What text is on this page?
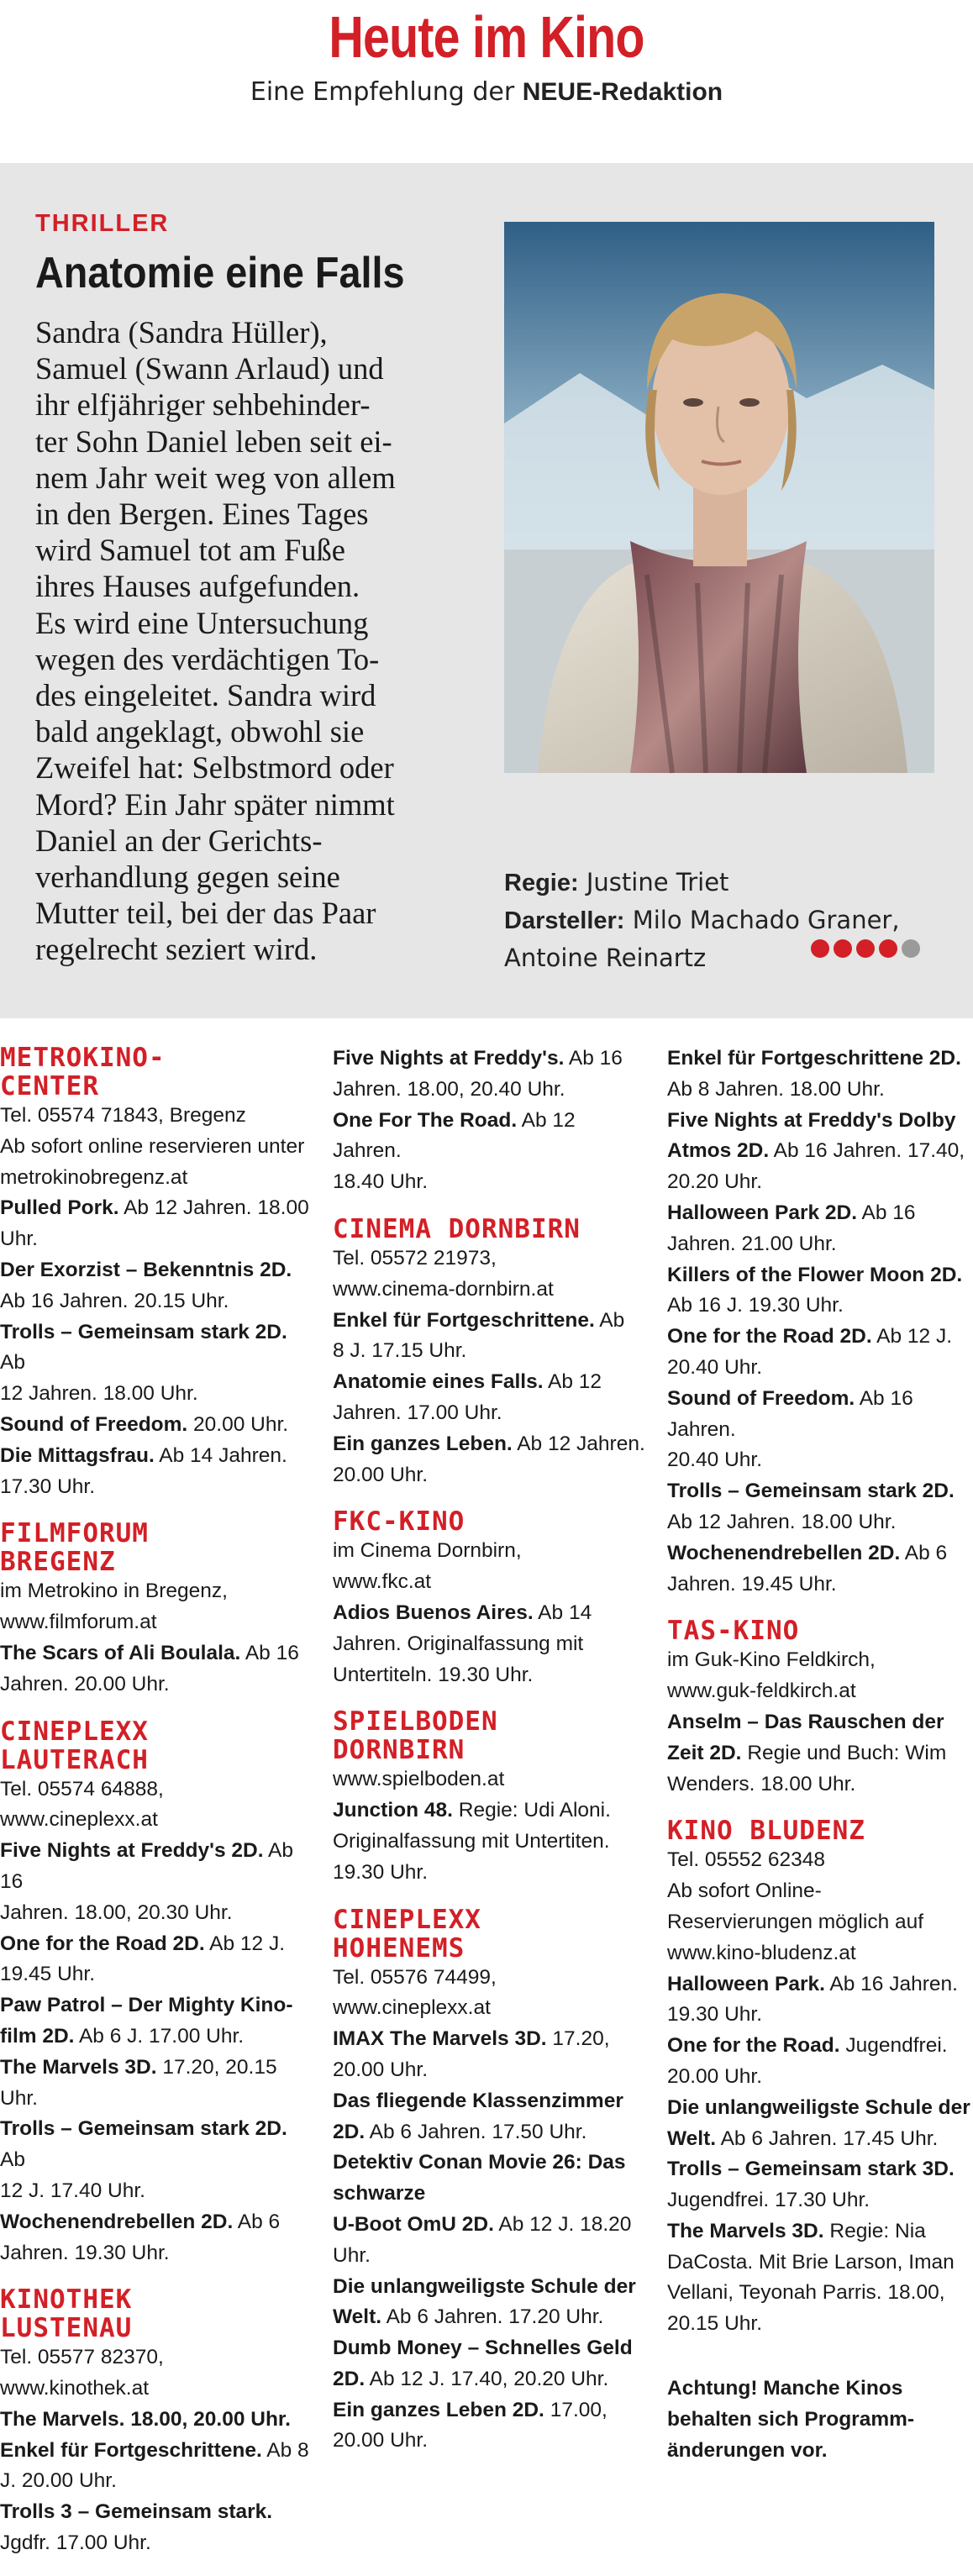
Heute im Kino
Eine Empfehlung der NEUE-Redaktion
THRILLER
Anatomie eine Falls
Sandra (Sandra Hüller),
Samuel (Swann Arlaud) und
ihr elfjähriger sehbehinder-
ter Sohn Daniel leben seit ei-
nem Jahr weit weg von allem
in den Bergen. Eines Tages
wird Samuel tot am Fuße
ihres Hauses aufgefunden.
Es wird eine Untersuchung
wegen des verdächtigen To-
des eingeleitet. Sandra wird
bald angeklagt, obwohl sie
Zweifel hat: Selbstmord oder
Mord? Ein Jahr später nimmt
Daniel an der Gerichts-
verhandlung gegen seine
Mutter teil, bei der das Paar
regelrecht seziert wird.
Regie: Justine Triet
Darsteller: Milo Machado Graner,
Antoine Reinartz
METROKINO-
CENTER
Tel. 05574 71843, Bregenz
Ab sofort online reservieren unter
metrokinobregenz.at
Pulled Pork. Ab 12 Jahren. 18.00
Uhr.
Der Exorzist – Bekenntnis 2D.
Ab 16 Jahren. 20.15 Uhr.
Trolls – Gemeinsam stark 2D. Ab
12 Jahren. 18.00 Uhr.
Sound of Freedom. 20.00 Uhr.
Die Mittagsfrau. Ab 14 Jahren.
17.30 Uhr.
FILMFORUM
BREGENZ
im Metrokino in Bregenz,
www.filmforum.at
The Scars of Ali Boulala. Ab 16
Jahren. 20.00 Uhr.
CINEPLEXX
LAUTERACH
Tel. 05574 64888,
www.cineplexx.at
Five Nights at Freddy's 2D. Ab 16
Jahren. 18.00, 20.30 Uhr.
One for the Road 2D. Ab 12 J.
19.45 Uhr.
Paw Patrol – Der Mighty Kino-
film 2D. Ab 6 J. 17.00 Uhr.
The Marvels 3D. 17.20, 20.15 Uhr.
Trolls – Gemeinsam stark 2D. Ab
12 J. 17.40 Uhr.
Wochenendrebellen 2D. Ab 6
Jahren. 19.30 Uhr.
KINOTHEK
LUSTENAU
Tel. 05577 82370,
www.kinothek.at
The Marvels. 18.00, 20.00 Uhr.
Enkel für Fortgeschrittene. Ab 8
J. 20.00 Uhr.
Trolls 3 – Gemeinsam stark.
Jgdfr. 17.00 Uhr.
Five Nights at Freddy's. Ab 16
Jahren. 18.00, 20.40 Uhr.
One For The Road. Ab 12 Jahren.
18.40 Uhr.
CINEMA DORNBIRN
Tel. 05572 21973,
www.cinema-dornbirn.at
Enkel für Fortgeschrittene. Ab
8 J. 17.15 Uhr.
Anatomie eines Falls. Ab 12
Jahren. 17.00 Uhr.
Ein ganzes Leben. Ab 12 Jahren.
20.00 Uhr.
FKC-KINO
im Cinema Dornbirn,
www.fkc.at
Adios Buenos Aires. Ab 14
Jahren. Originalfassung mit
Untertiteln. 19.30 Uhr.
SPIELBODEN
DORNBIRN
www.spielboden.at
Junction 48. Regie: Udi Aloni.
Originalfassung mit Untertiten.
19.30 Uhr.
CINEPLEXX
HOHENEMS
Tel. 05576 74499,
www.cineplexx.at
IMAX The Marvels 3D. 17.20,
20.00 Uhr.
Das fliegende Klassenzimmer
2D. Ab 6 Jahren. 17.50 Uhr.
Detektiv Conan Movie 26: Das
schwarze
U-Boot OmU 2D. Ab 12 J. 18.20 Uhr.
Die unlangweiligste Schule der
Welt. Ab 6 Jahren. 17.20 Uhr.
Dumb Money – Schnelles Geld
2D. Ab 12 J. 17.40, 20.20 Uhr.
Ein ganzes Leben 2D. 17.00,
20.00 Uhr.
Enkel für Fortgeschrittene 2D.
Ab 8 Jahren. 18.00 Uhr.
Five Nights at Freddy's Dolby
Atmos 2D. Ab 16 Jahren. 17.40,
20.20 Uhr.
Halloween Park 2D. Ab 16
Jahren. 21.00 Uhr.
Killers of the Flower Moon 2D.
Ab 16 J. 19.30 Uhr.
One for the Road 2D. Ab 12 J.
20.40 Uhr.
Sound of Freedom. Ab 16 Jahren.
20.40 Uhr.
Trolls – Gemeinsam stark 2D.
Ab 12 Jahren. 18.00 Uhr.
Wochenendrebellen 2D. Ab 6
Jahren. 19.45 Uhr.
TAS-KINO
im Guk-Kino Feldkirch,
www.guk-feldkirch.at
Anselm – Das Rauschen der
Zeit 2D. Regie und Buch: Wim
Wenders. 18.00 Uhr.
KINO BLUDENZ
Tel. 05552 62348
Ab sofort Online-
Reservierungen möglich auf
www.kino-bludenz.at
Halloween Park. Ab 16 Jahren.
19.30 Uhr.
One for the Road. Jugendfrei.
20.00 Uhr.
Die unlangweiligste Schule der
Welt. Ab 6 Jahren. 17.45 Uhr.
Trolls – Gemeinsam stark 3D.
Jugendfrei. 17.30 Uhr.
The Marvels 3D. Regie: Nia
DaCosta. Mit Brie Larson, Iman
Vellani, Teyonah Parris. 18.00,
20.15 Uhr.
Achtung! Manche Kinos
behalten sich Programm-
änderungen vor.
